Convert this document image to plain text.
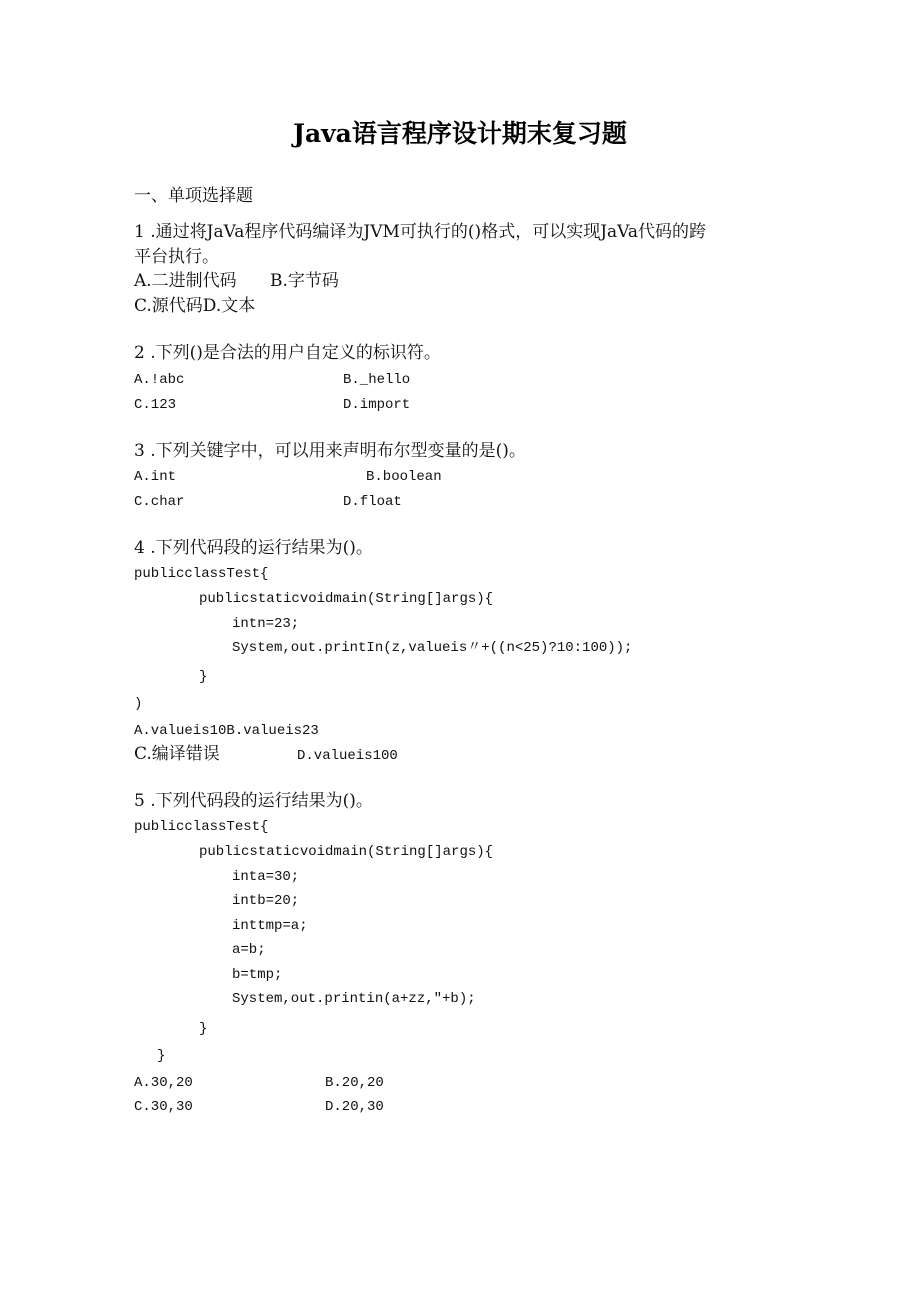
Java语言程序设计期末复习题
一、单项选择题
1 .通过将JaVa程序代码编译为JVM可执行的()格式，可以实现JaVa代码的跨
平台执行。
A.二进制代码 B.字节码
C.源代码D.文本
2 .下列()是合法的用户自定义的标识符。
A.!abc	B._hello
C.123	D.import
3 .下列关键字中，可以用来声明布尔型变量的是()。
A.int	B.boolean
C.char	D.float
4 .下列代码段的运行结果为()。
publicclassTest{
publicstaticvoidmain(String[]args){
intn=23;
System,out.printIn(z,valueis〃+((n<25)?10:100));
}
)
A.valueis10B.valueis23
C.编译错误	D.valueis100
5 .下列代码段的运行结果为()。
publicclassTest{
publicstaticvoidmain(String[]args){
inta=30;
intb=20;
inttmp=a;
a=b;
b=tmp;
System,out.printin(a+zz,"+b);
}
}
A.30,20	B.20,20
C.30,30	D.20,30
